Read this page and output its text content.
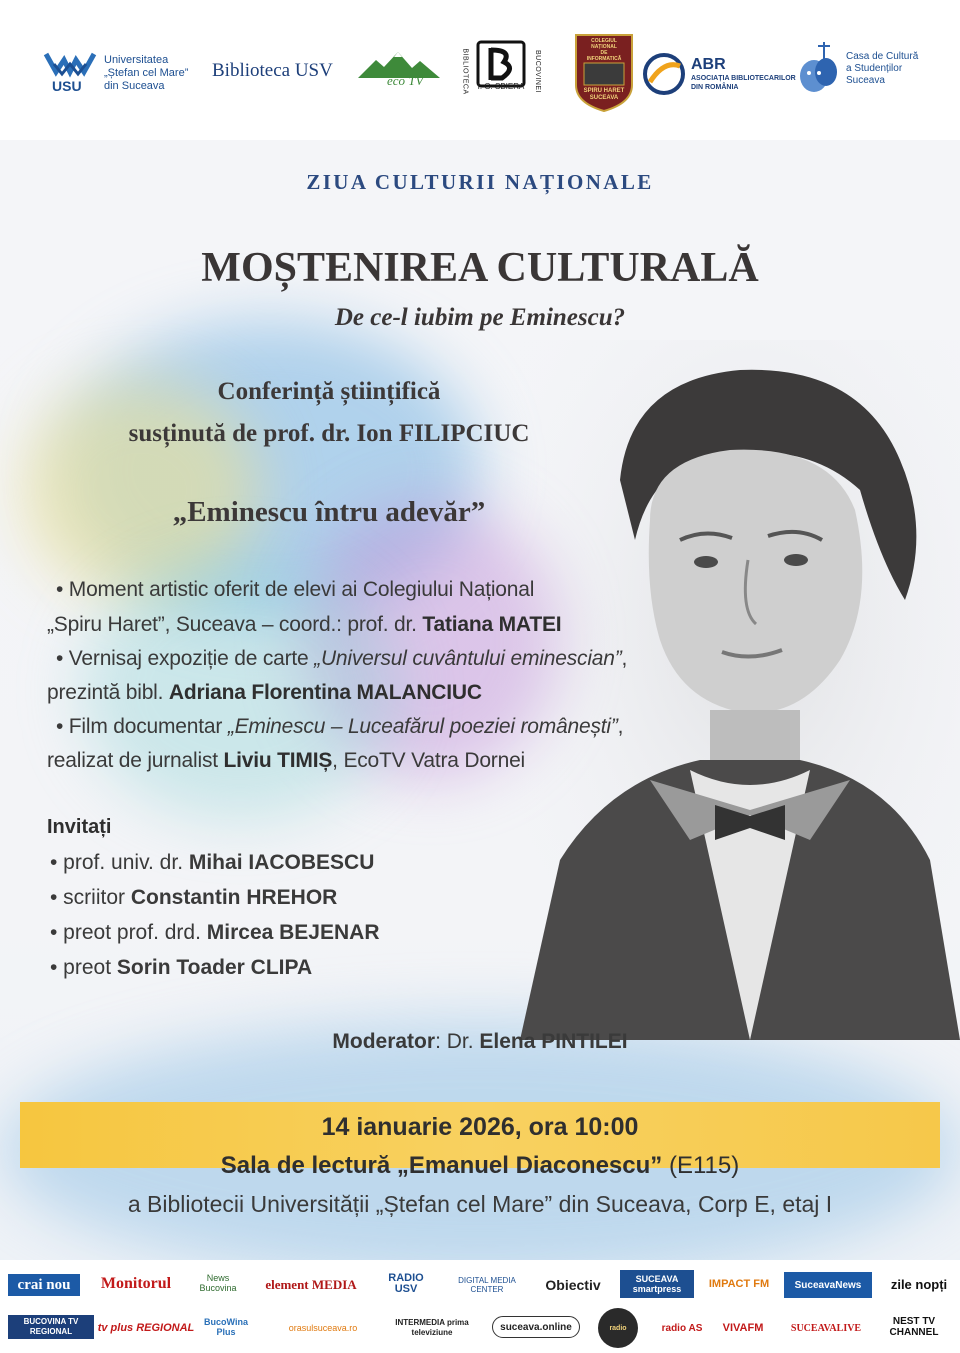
USU
Universitatea
„Ștefan cel Mare”
din Suceava
Biblioteca USV	eco TV	BIBLIOTECA	BUCOVINEI
I. G. SBIERA
COLEGIUL
NAȚIONAL
DE
INFORMATICĂ
SPIRU HARET
SUCEAVA
ABR
ASOCIAȚIA BIBLIOTECARILOR
DIN ROMÂNIA
Casa de Cultură
a Studenților
Suceava
ZIUA CULTURII NAȚIONALE
MOȘTENIREA CULTURALĂ
De ce-l iubim pe Eminescu?
Conferință științifică
susținută de prof. dr. Ion FILIPCIUC
„Eminescu întru adevăr”
• Moment artistic oferit de elevi ai Colegiului Național
„Spiru Haret”, Suceava – coord.: prof. dr. Tatiana MATEI
• Vernisaj expoziție de carte „Universul cuvântului eminescian”,
prezintă bibl. Adriana Florentina MALANCIUC
• Film documentar „Eminescu – Luceafărul poeziei românești”,
realizat de jurnalist Liviu TIMIȘ, EcoTV Vatra Dornei
Invitați
• prof. univ. dr. Mihai IACOBESCU
• scriitor Constantin HREHOR
• preot prof. drd. Mircea BEJENAR
• preot Sorin Toader CLIPA
Moderator: Dr. Elena PINTILEI
14 ianuarie 2026, ora 10:00
Sala de lectură „Emanuel Diaconescu” (E115)
a Bibliotecii Universității „Ștefan cel Mare” din Suceava, Corp E, etaj I
crai nou Monitorul	News Bucovina	element MEDIA	RADIO USV
DIGITAL MEDIA CENTER	Obiectiv	SUCEAVA smartpress	IMPACT FM	SuceavaNews zile nopți
BUCOVINA TV REGIONAL	tv plus REGIONAL	BucoWina Plus	orasulsuceava.ro
INTERMEDIA prima televiziune	suceava.online	radio	radio AS VIVAFM	SUCEAVALIVE
NEST TV CHANNEL
